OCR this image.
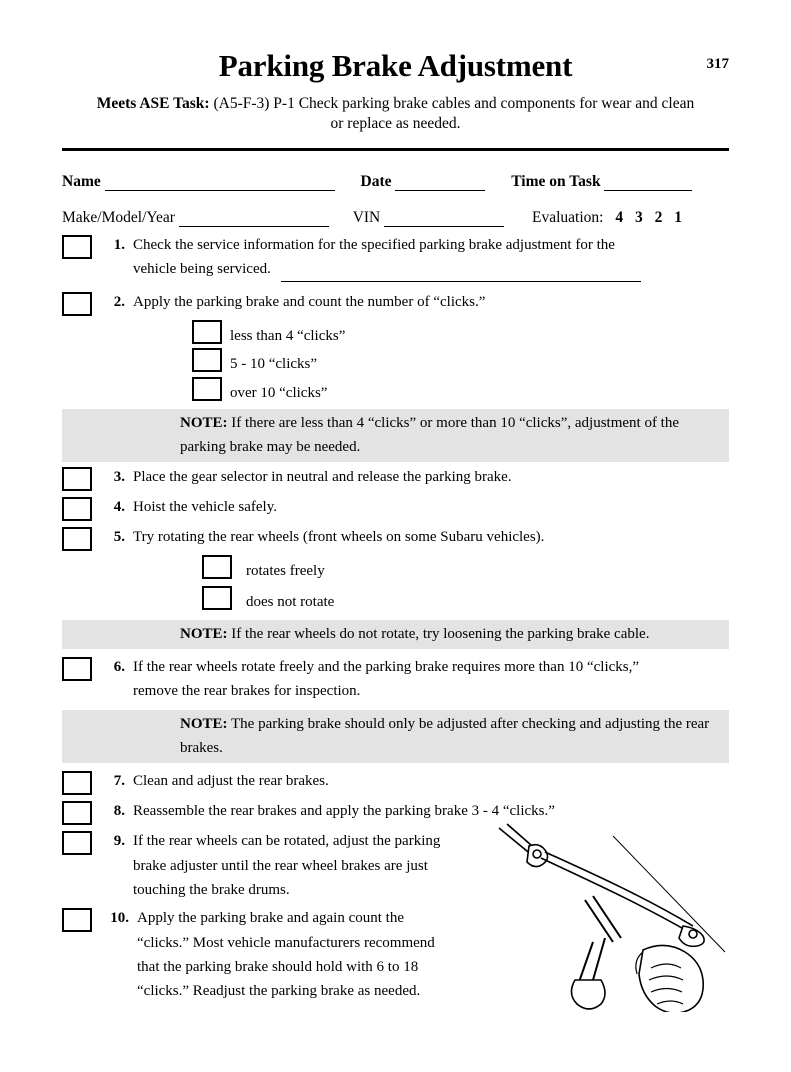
317
Parking Brake Adjustment
Meets ASE Task: (A5-F-3) P-1 Check parking brake cables and components for wear and clean or replace as needed.
Name	Date	Time on Task
Make/Model/Year	VIN	Evaluation: 4 3 2 1
1. Check the service information for the specified parking brake adjustment for the
vehicle being serviced.
2. Apply the parking brake and count the number of “clicks.”
less than 4 “clicks”
5 - 10 “clicks”
over 10 “clicks”
NOTE: If there are less than 4 “clicks” or more than 10 “clicks”, adjustment of the parking brake may be needed.
3. Place the gear selector in neutral and release the parking brake.
4. Hoist the vehicle safely.
5. Try rotating the rear wheels (front wheels on some Subaru vehicles).
rotates freely
does not rotate
NOTE: If the rear wheels do not rotate, try loosening the parking brake cable.
6. If the rear wheels rotate freely and the parking brake requires more than 10 “clicks,”
remove the rear brakes for inspection.
NOTE: The parking brake should only be adjusted after checking and adjusting the rear brakes.
7. Clean and adjust the rear brakes.
8. Reassemble the rear brakes and apply the parking brake 3 - 4 “clicks.”
9. If the rear wheels can be rotated, adjust the parking
brake adjuster until the rear wheel brakes are just
touching the brake drums.
10. Apply the parking brake and again count the
“clicks.” Most vehicle manufacturers recommend
that the parking brake should hold with 6 to 18
“clicks.” Readjust the parking brake as needed.
